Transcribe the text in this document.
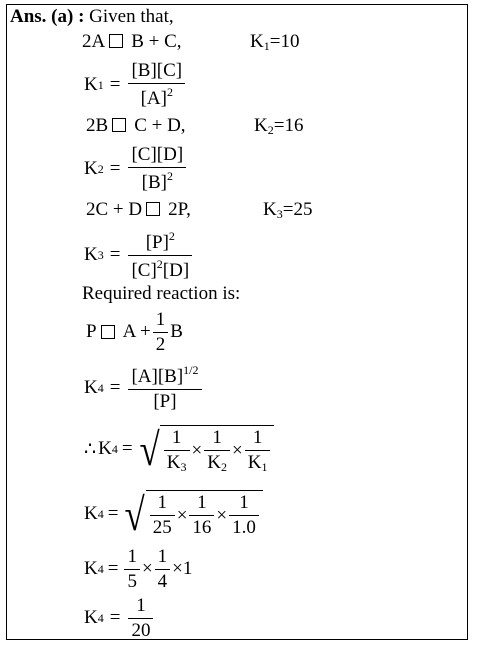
Ans. (a) : Given that,
2A B + C,	$K_1=10$
K $1 = \frac{[B][C]}{[A]^2}$
2B C + D,	$K_2=16$
K $2 = \frac{[C][D]}{[B]^2}$
2C + D 2P,	$K_3=25$
K $3 = \frac{[P]^2}{[C]^2[D]}$
Required reaction is:
P $A + \frac{1}{2}$ B
K $4 = \frac{[A][B]^{1/2}}{[P]}$
∴ K 4 = √ $\frac{1}{K_3} \times \frac{1}{K_2} \times \frac{1}{K_1}$
K 4 = √ $\frac{1}{25} \times \frac{1}{16} \times \frac{1}{1.0}$
K $4 = \frac{1}{5} \times \frac{1}{4} \times 1$
K $4 = \frac{1}{20}$
